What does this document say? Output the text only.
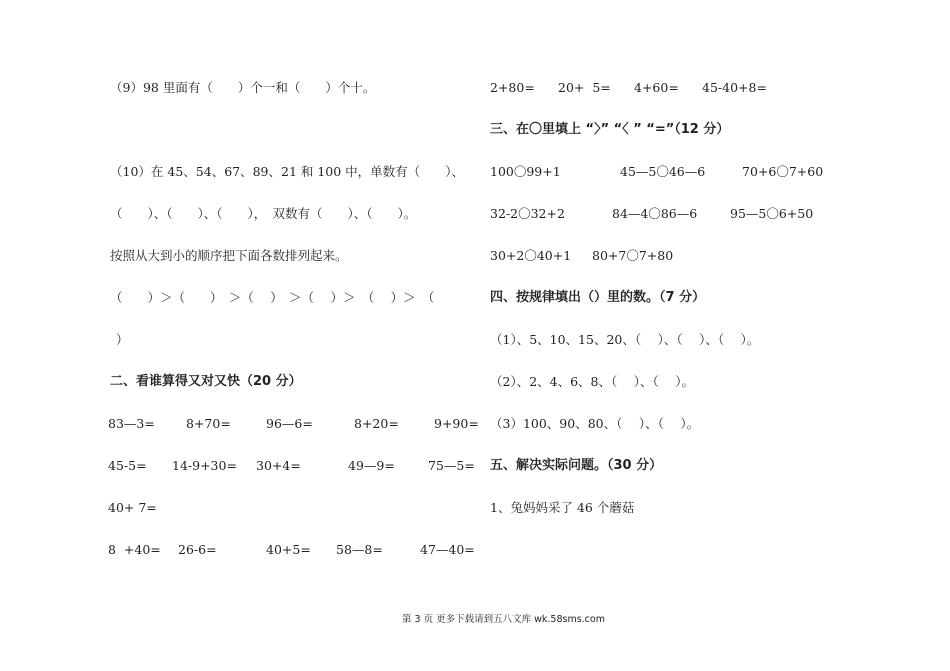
（9）98 里面有（　　）个一和（　　）个十。
（10）在 45、54、67、89、21 和 100 中，单数有（　　）、
（　　）、（　　）、（　　），　双数有（　　）、（　　）。
按照从大到小的顺序把下面各数排列起来。
（　　）＞（　　）　＞（　 ）　＞（　 ）＞　（　 ）＞　（
）
二、看谁算得又对又快（20 分）
83—3= 8+70=	96—6=	8+20=	9+90=
45-5= 14-9+30= 30+4=	49—9=	75—5=
40+ 7=
8  +40= 26-6=	40+5= 58—8=	47—40=
2+80= 20+  5= 4+60= 45-40+8=
三、在〇里填上 “〉” “〈 ” “=”（12 分）
100〇99+1	45—5〇46—6	70+6〇7+60
32-2〇32+2	84—4〇86—6	95—5〇6+50
30+2〇40+1 80+7〇7+80
四、按规律填出（）里的数。（7 分）
（1）、5、10、15、20、（　 ）、（　 ）、（　 ）。
（2）、2、4、6、8、（　 ）、（　 ）。
（3）100、90、80、（　 ）、（　 ）。
五、解决实际问题。（30 分）
1、兔妈妈采了 46 个蘑菇
第 3 页 更多下载请到五八文库 wk.58sms.com
